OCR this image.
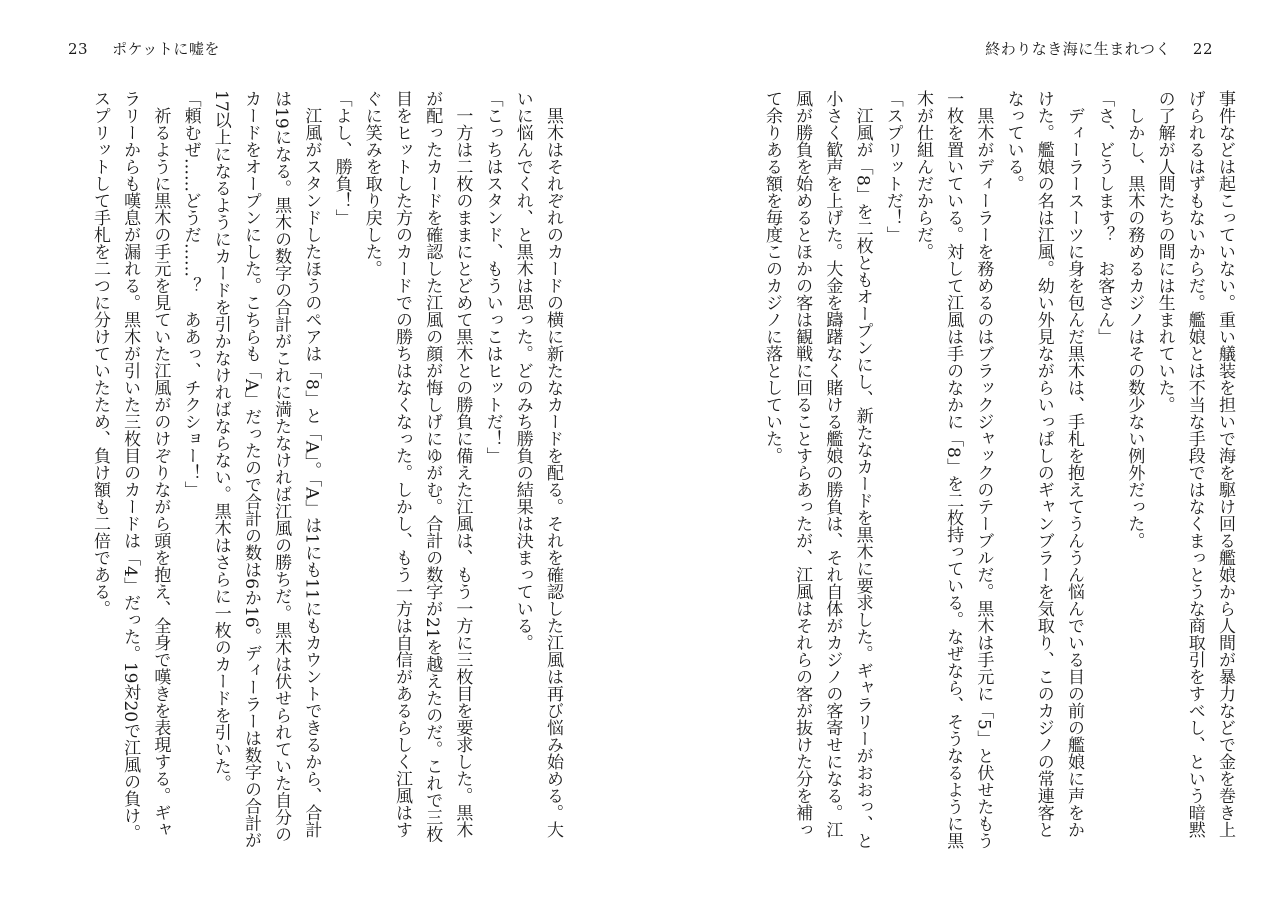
23 ポケットに嘘を	終わりなき海に生まれつく 22

事件などは起こっていない。重い艤装を担いで海を駆け回る艦娘から人間が暴力などで金を巻き上げられるはずもないからだ。艦娘とは不当な手段ではなくまっとうな商取引をすべし、という暗黙の了解が人間たちの間には生まれていた。

しかし、黒木の務めるカジノはその数少ない例外だった。

「さ、どうします？　お客さん」

ディーラースーツに身を包んだ黒木は、手札を抱えてうんうん悩んでいる目の前の艦娘に声をかけた。艦娘の名は江風。幼い外見ながらいっぱしのギャンブラーを気取り、このカジノの常連客となっている。

黒木がディーラーを務めるのはブラックジャックのテーブルだ。黒木は手元に「5」と伏せたもう一枚を置いている。対して江風は手のなかに「8」を二枚持っている。なぜなら、そうなるように黒木が仕組んだからだ。

「スプリットだ！」

江風が「8」を二枚ともオープンにし、新たなカードを黒木に要求した。ギャラリーがおおっ、と小さく歓声を上げた。大金を躊躇なく賭ける艦娘の勝負は、それ自体がカジノの客寄せになる。江風が勝負を始めるとほかの客は観戦に回ることすらあったが、江風はそれらの客が抜けた分を補って余りある額を毎度このカジノに落としていた。

黒木はそれぞれのカードの横に新たなカードを配る。それを確認した江風は再び悩み始める。大いに悩んでくれ、と黒木は思った。どのみち勝負の結果は決まっている。

「こっちはスタンド、もういっこはヒットだ！」

一方は二枚のままにとどめて黒木との勝負に備えた江風は、もう一方に三枚目を要求した。黒木が配ったカードを確認した江風の顔が悔しげにゆがむ。合計の数字が21を越えたのだ。これで三枚目をヒットした方のカードでの勝ちはなくなった。しかし、もう一方は自信があるらしく江風はすぐに笑みを取り戻した。

「よし、勝負！」

江風がスタンドしたほうのペアは「8」と「A」。「A」は1にも11にもカウントできるから、合計は19になる。黒木の数字の合計がこれに満たなければ江風の勝ちだ。黒木は伏せられていた自分のカードをオープンにした。こちらも「A」だったので合計の数は6か16。ディーラーは数字の合計が17以上になるようにカードを引かなければならない。黒木はさらに一枚のカードを引いた。

「頼むぜ……どうだ……？　ああっ、チクショー！」

祈るように黒木の手元を見ていた江風がのけぞりながら頭を抱え、全身で嘆きを表現する。ギャラリーからも嘆息が漏れる。黒木が引いた三枚目のカードは「4」だった。19対20で江風の負け。スプリットして手札を二つに分けていたため、負け額も二倍である。
